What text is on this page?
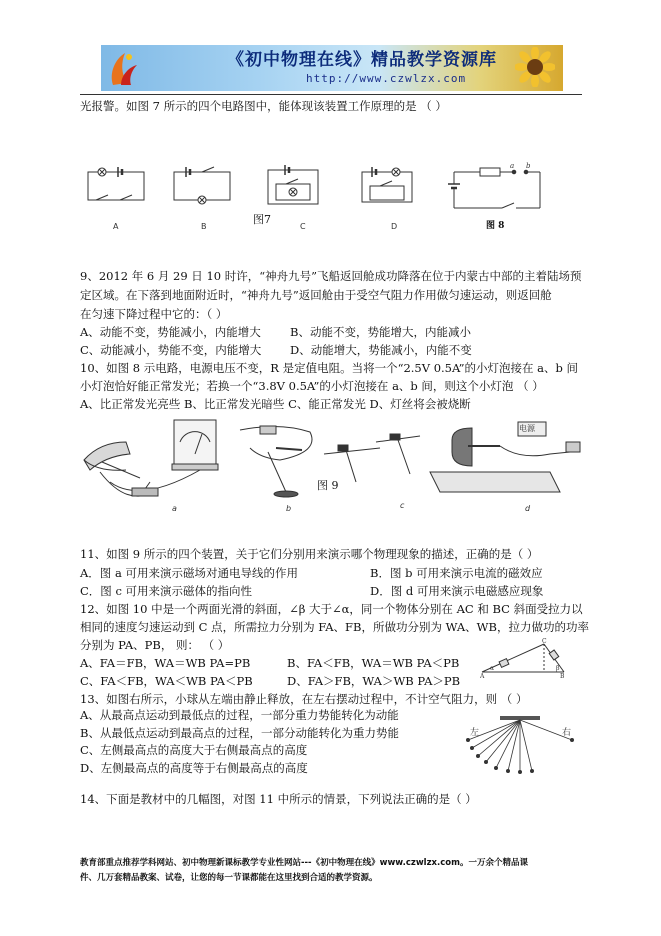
《初中物理在线》精品教学资源库
http://www.czwlzx.com
光报警。如图 7 所示的四个电路图中，能体现该装置工作原理的是 （ ）
A	B	C	D
图7
a b
图 8
9、2012 年 6 月 29 日 10 时许，“神舟九号”飞船返回舱成功降落在位于内蒙古中部的主着陆场预
定区域。在下落到地面附近时，“神舟九号”返回舱由于受空气阻力作用做匀速运动，则返回舱
在匀速下降过程中它的：（ ）
A、动能不变，势能减小，内能增大	B、动能不变，势能增大，内能减小
C、动能减小，势能不变，内能增大 D、动能增大，势能减小，内能不变
10、如图 8 示电路，电源电压不变，R 是定值电阻。当将一个“2.5V 0.5A”的小灯泡接在 a、b 间
小灯泡恰好能正常发光；若换一个“3.8V 0.5A”的小灯泡接在 a、b 间，则这个小灯泡 （ ）
A、比正常发光亮些 B、比正常发光暗些 C、能正常发光 D、灯丝将会被烧断
电源
图 9
a	b	c	d
11、如图 9 所示的四个装置，关于它们分别用来演示哪个物理现象的描述，正确的是（ ）
A．图 a 可用来演示磁场对通电导线的作用	B．图 b 可用来演示电流的磁效应
C．图 c 可用来演示磁体的指向性	D．图 d 可用来演示电磁感应现象
12、如图 10 中是一个两面光滑的斜面，∠β 大于∠α，同一个物体分别在 AC 和 BC 斜面受拉力以
相同的速度匀速运动到 C 点，所需拉力分别为 FA、FB，所做功分别为 WA、WB，拉力做功的功率
分别为 PA、PB， 则： （ ）
A、FA＝FB，WA＝WB PA=PB	B、FA＜FB，WA＝WB PA＜PB
C、FA＜FB，WA＜WB PA＜PB	D、FA＞FB，WA＞WB PA＞PB	A	B
C
α	β
13、如图右所示，小球从左端由静止释放，在左右摆动过程中，不计空气阻力，则 （ ）
A、从最高点运动到最低点的过程，一部分重力势能转化为动能
B、从最低点运动到最高点的过程，一部分动能转化为重力势能
C、左侧最高点的高度大于右侧最高点的高度
D、左侧最高点的高度等于右侧最高点的高度
左	右
14、下面是教材中的几幅图，对图 11 中所示的情景，下列说法正确的是（ ）
教育部重点推荐学科网站、初中物理新课标教学专业性网站---《初中物理在线》www.czwlzx.com。一万余个精品课
件、几万套精品教案、试卷，让您的每一节课都能在这里找到合适的教学资源。
